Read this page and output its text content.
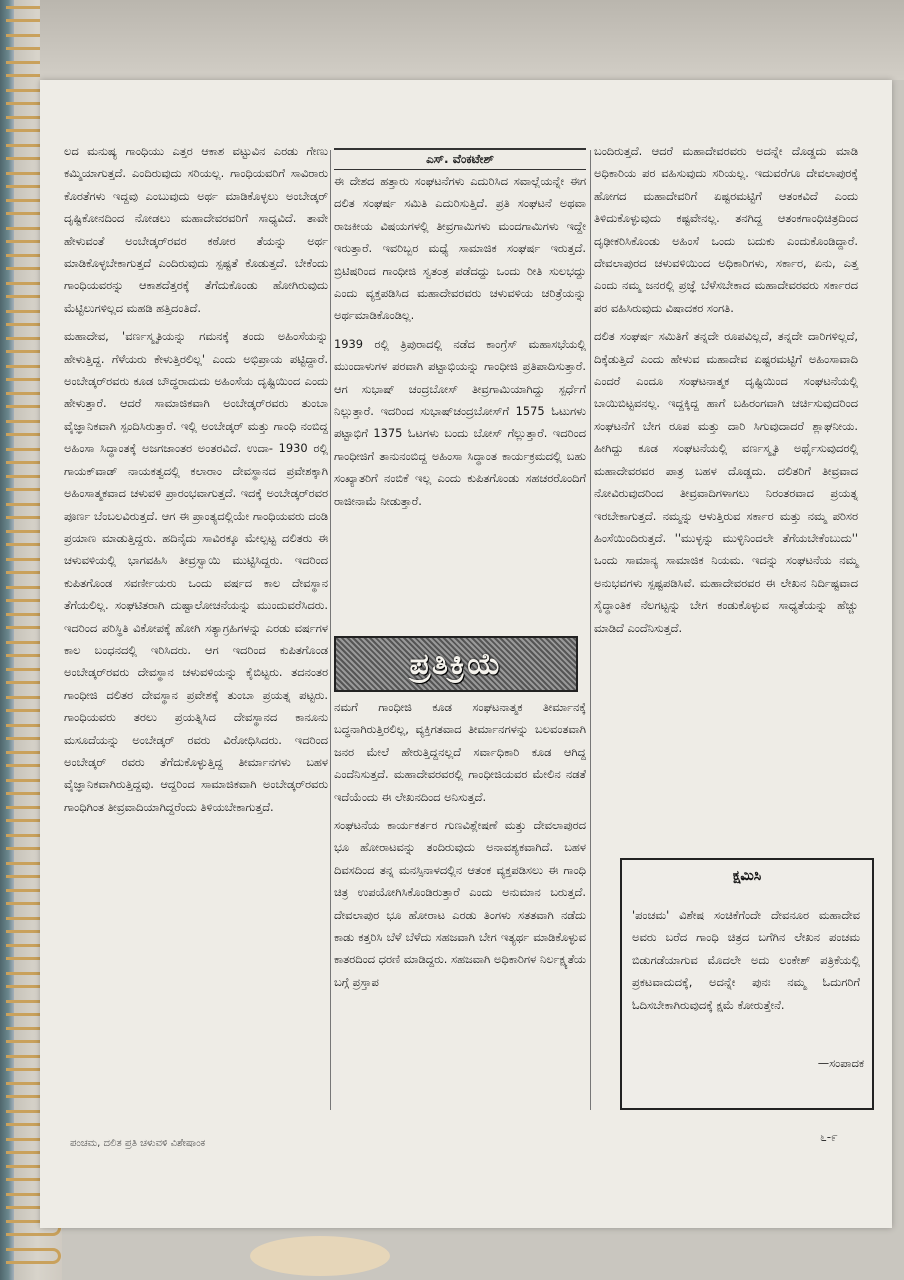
ಲದ ಮನುಷ್ಯ ಗಾಂಧಿಯು ಎತ್ತರ ಆಕಾಶ ವಟ್ಟುವಿನ ಎರಡು ಗೇಣು ಕಮ್ಮಿಯಾಗುತ್ತದೆ. ಎಂದಿರುವುದು ಸರಿಯಲ್ಲ. ಗಾಂಧಿಯವರಿಗೆ ಸಾವಿರಾರು ಕೊರತೆಗಳು ಇದ್ದವು ಎಂಬುವುದು ಅರ್ಥ ಮಾಡಿಕೊಳ್ಳಲು ಅಂಬೇಡ್ಕರ್ ದೃಷ್ಟಿಕೋನದಿಂದ ನೋಡಲು ಮಹಾದೇವರವರಿಗೆ ಸಾಧ್ಯವಿದೆ. ತಾವೇ ಹೇಳುವಂತೆ ಅಂಬೇಡ್ಕರ್‌ರವರ ಕಠೋರ ತೆಯನ್ನು ಅರ್ಥ ಮಾಡಿಕೊಳ್ಳಬೇಕಾಗುತ್ತದೆ ಎಂದಿರುವುದು ಸ್ಪಷ್ಟತೆ ಕೊಡುತ್ತದೆ. ಬೇಕೆಂದು ಗಾಂಧಿಯವರನ್ನು ಆಕಾಶದೆತ್ತರಕ್ಕೆ ತೆಗೆದುಕೊಂಡು ಹೋಗಿರುವುದು ಮೆಟ್ಟಿಲುಗಳಿಲ್ಲದ ಮಹಡಿ ಹತ್ತಿದಂತಿದೆ.

ಮಹಾದೇವ, 'ವರ್ಣಸ್ಮೃತಿಯನ್ನು ಗಮನಕ್ಕೆ ತಂದು ಅಹಿಂಸೆಯನ್ನು ಹೇಳುತ್ತಿದ್ದ. ಗೆಳೆಯರು ಕೇಳುತ್ತಿರಲಿಲ್ಲ' ಎಂದು ಅಭಿಪ್ರಾಯ ಪಟ್ಟಿದ್ದಾರೆ. ಅಂಬೇಡ್ಕರ್‌ರವರು ಕೂಡ ಬೌದ್ಧರಾದುದು ಅಹಿಂಸೆಯ ದೃಷ್ಟಿಯಿಂದ ಎಂದು ಹೇಳುತ್ತಾರೆ. ಆದರೆ ಸಾಮಾಜಿಕವಾಗಿ ಅಂಬೇಡ್ಕರ್‌ರವರು ತುಂಬಾ ವೈಜ್ಞಾನಿಕವಾಗಿ ಸ್ಪಂದಿಸಿರುತ್ತಾರೆ. ಇಲ್ಲಿ ಅಂಬೇಡ್ಕರ್ ಮತ್ತು ಗಾಂಧಿ ನಂಬಿದ್ದ ಅಹಿಂಸಾ ಸಿದ್ಧಾಂತಕ್ಕೆ ಅಜಗಜಾಂತರ ಅಂತರವಿದೆ. ಉದಾ- 1930 ರಲ್ಲಿ ಗಾಯಕ್‌ವಾಡ್ ನಾಯಕತ್ವದಲ್ಲಿ ಕಲಾರಾಂ ದೇವಸ್ಥಾನದ ಪ್ರವೇಶಕ್ಕಾಗಿ ಅಹಿಂಸಾತ್ಮಕವಾದ ಚಳುವಳಿ ಪ್ರಾರಂಭವಾಗುತ್ತದೆ. ಇದಕ್ಕೆ ಅಂಬೇಡ್ಕರ್‌ರವರ ಪೂರ್ಣ ಬೆಂಬಲವಿರುತ್ತದೆ. ಆಗ ಈ ಪ್ರಾಂತ್ಯದಲ್ಲಿಯೇ ಗಾಂಧಿಯವರು ದಂಡಿ ಪ್ರಯಾಣ ಮಾಡುತ್ತಿದ್ದರು. ಹದಿನೈದು ಸಾವಿರಕ್ಕೂ ಮೇಲ್ಪಟ್ಟ ದಲಿತರು ಈ ಚಳುವಳಿಯಲ್ಲಿ ಭಾಗವಹಿಸಿ ತೀವ್ರಸ್ವಾಯಿ ಮುಟ್ಟಿಸಿದ್ದರು. ಇದರಿಂದ ಕುಪಿತಗೊಂಡ ಸವರ್ಣೀಯರು ಒಂದು ವರ್ಷದ ಕಾಲ ದೇವಸ್ಥಾನ ತೆಗೆಯಲಿಲ್ಲ. ಸಂಘಟಿತರಾಗಿ ದುಷ್ಟಾಲೋಚನೆಯನ್ನು ಮುಂದುವರೆಸಿದರು. ಇದರಿಂದ ಪರಿಸ್ಥಿತಿ ವಿಕೋಪಕ್ಕೆ ಹೋಗಿ ಸತ್ಯಾಗ್ರಹಿಗಳನ್ನು ಎರಡು ವರ್ಷಗಳ ಕಾಲ ಬಂಧನದಲ್ಲಿ ಇರಿಸಿದರು. ಆಗ ಇದರಿಂದ ಕುಪಿತಗೊಂಡ ಅಂಬೇಡ್ಕರ್‌ರವರು ದೇವಸ್ಥಾನ ಚಳುವಳಿಯನ್ನು ಕೈಬಿಟ್ಟರು. ತದನಂತರ ಗಾಂಧೀಜಿ ದಲಿತರ ದೇವಸ್ಥಾನ ಪ್ರವೇಶಕ್ಕೆ ತುಂಬಾ ಪ್ರಯತ್ನ ಪಟ್ಟರು. ಗಾಂಧಿಯವರು ತರಲು ಪ್ರಯತ್ನಿಸಿದ ದೇವಸ್ಥಾನದ ಕಾನೂನು ಮಸೂದೆಯನ್ನು ಅಂಬೇಡ್ಕರ್ ರವರು ವಿರೋಧಿಸಿದರು. ಇದರಿಂದ ಅಂಬೇಡ್ಕರ್ ರವರು ತೆಗೆದುಕೊಳ್ಳುತ್ತಿದ್ದ ತೀರ್ಮಾನಗಳು ಬಹಳ ವೈಜ್ಞಾನಿಕವಾಗಿರುತ್ತಿದ್ದವು. ಆದ್ದರಿಂದ ಸಾಮಾಜಿಕವಾಗಿ ಅಂಬೇಡ್ಕರ್‌ರವರು ಗಾಂಧಿಗಿಂತ ತೀವ್ರವಾದಿಯಾಗಿದ್ದರೆಂದು ತಿಳಿಯಬೇಕಾಗುತ್ತದೆ.

ಎಸ್. ವೆಂಕಟೇಶ್

ಈ ದೇಶದ ಹತ್ತಾರು ಸಂಘಟನೆಗಳು ಎದುರಿಸಿದ ಸವಾಲ್ಲೆಯನ್ನೇ ಈಗ ದಲಿತ ಸಂಘರ್ಷ ಸಮಿತಿ ಎದುರಿಸುತ್ತಿದೆ. ಪ್ರತಿ ಸಂಘಟನೆ ಅಥವಾ ರಾಜಕೀಯ ವಿಷಯಗಳಲ್ಲಿ ತೀವ್ರಗಾಮಿಗಳು ಮಂದಗಾಮಿಗಳು ಇದ್ದೇ ಇರುತ್ತಾರೆ. ಇವರಿಬ್ಬರ ಮಧ್ಯೆ ಸಾಮಾಜಿಕ ಸಂಘರ್ಷ ಇರುತ್ತದೆ. ಬ್ರಿಟಿಷರಿಂದ ಗಾಂಧೀಜಿ ಸ್ವತಂತ್ರ ಪಡೆದದ್ದು ಒಂದು ರೀತಿ ಸುಲಭದ್ದು ಎಂದು ವ್ಯಕ್ತಪಡಿಸಿದ ಮಹಾದೇವರವರು ಚಳುವಳಿಯ ಚರಿತ್ರೆಯನ್ನು ಅರ್ಥಮಾಡಿಕೊಂಡಿಲ್ಲ.

1939 ರಲ್ಲಿ ತ್ರಿಪುರಾದಲ್ಲಿ ನಡೆದ ಕಾಂಗ್ರೆಸ್ ಮಹಾಸಭೆಯಲ್ಲಿ ಮುಂದಾಳುಗಳ ಪರವಾಗಿ ಪಟ್ಟಾಭಿಯನ್ನು ಗಾಂಧೀಜಿ ಪ್ರತಿಪಾದಿಸುತ್ತಾರೆ. ಆಗ ಸುಭಾಷ್ ಚಂದ್ರಬೋಸ್ ತೀವ್ರಗಾಮಿಯಾಗಿದ್ದು ಸ್ಪರ್ಧೆಗೆ ನಿಲ್ಲುತ್ತಾರೆ. ಇದರಿಂದ ಸುಭಾಷ್‌ಚಂದ್ರಬೋಸ್‌ಗೆ 1575 ಓಟುಗಳು ಪಟ್ಟಾಭಿಗೆ 1375 ಓಟಗಳು ಬಂದು ಬೋಸ್ ಗೆಲ್ಲುತ್ತಾರೆ. ಇದರಿಂದ ಗಾಂಧೀಜಿಗೆ ತಾನುನಂಬಿದ್ದ ಅಹಿಂಸಾ ಸಿದ್ಧಾಂತ ಕಾರ್ಯಕ್ರಮದಲ್ಲಿ ಬಹು ಸಂಖ್ಯಾತರಿಗೆ ನಂಬಿಕೆ ಇಲ್ಲ ಎಂದು ಕುಪಿತಗೊಂಡು ಸಹಚರರೊಂದಿಗೆ ರಾಜೀನಾಮೆ ನೀಡುತ್ತಾರೆ.

ಪ್ರತಿಕ್ರಿಯೆ

ನಮಗೆ ಗಾಂಧೀಜಿ ಕೂಡ ಸಂಘಟನಾತ್ಮಕ ತೀರ್ಮಾನಕ್ಕೆ ಬದ್ಧನಾಗಿರುತ್ತಿರಲಿಲ್ಲ, ವ್ಯಕ್ತಿಗತವಾದ ತೀರ್ಮಾನಗಳನ್ನು ಬಲವಂತವಾಗಿ ಜನರ ಮೇಲೆ ಹೇರುತ್ತಿದ್ದನಲ್ಲದೆ ಸರ್ವಾಧಿಕಾರಿ ಕೂಡ ಆಗಿದ್ದ ಎಂದೆನಿಸುತ್ತದೆ. ಮಹಾದೇವರವರಲ್ಲಿ ಗಾಂಧೀಜಿಯವರ ಮೇಲಿನ ನಡತೆ ಇದೆಯೆಂದು ಈ ಲೇಖನದಿಂದ ಅನಿಸುತ್ತದೆ.

ಸಂಘಟನೆಯ ಕಾರ್ಯಕರ್ತರ ಗುಣವಿಶ್ಲೇಷಣೆ ಮತ್ತು ದೇವಲಾಪುರದ ಭೂ ಹೋರಾಟವನ್ನು ತಂದಿರುವುದು ಅನಾವಶ್ಯಕವಾಗಿದೆ. ಬಹಳ ದಿವಸದಿಂದ ತನ್ನ ಮನಸ್ಸಿನಾಳದಲ್ಲಿನ ಆತಂಕ ವ್ಯಕ್ತಪಡಿಸಲು ಈ ಗಾಂಧಿ ಚಿತ್ರ ಉಪಯೋಗಿಸಿಕೊಂಡಿರುತ್ತಾರೆ ಎಂದು ಅನುಮಾನ ಬರುತ್ತದೆ. ದೇವಲಾಪುರ ಭೂ ಹೋರಾಟ ಎರಡು ತಿಂಗಳು ಸತತವಾಗಿ ನಡೆದು ಕಾಡು ಕತ್ತರಿಸಿ ಬೆಳೆ ಬೆಳೆದು ಸಹಜವಾಗಿ ಬೇಗ ಇತ್ಯರ್ಥ ಮಾಡಿಕೊಳ್ಳುವ ಕಾತರದಿಂದ ಧರಣಿ ಮಾಡಿದ್ದರು. ಸಹಜವಾಗಿ ಅಧಿಕಾರಿಗಳ ನಿರ್ಲಕ್ಷ್ಯತೆಯ ಬಗ್ಗೆ ಪ್ರಸ್ತಾಪ

ಬಂದಿರುತ್ತದೆ. ಆದರೆ ಮಹಾದೇವರವರು ಅದನ್ನೇ ದೊಡ್ಡದು ಮಾಡಿ ಅಧಿಕಾರಿಯ ಪರ ವಹಿಸುವುದು ಸರಿಯಲ್ಲ. ಇದುವರೆಗೂ ದೇವಲಾಪುರಕ್ಕೆ ಹೋಗದ ಮಹಾದೇವರಿಗೆ ಏಷ್ಟರಮಟ್ಟಿಗೆ ಆತಂಕವಿದೆ ಎಂದು ತಿಳಿದುಕೊಳ್ಳುವುದು ಕಷ್ಟವೇನಲ್ಲ. ತನಗಿದ್ದ ಆತಂಕಗಾಂಧಿಚಿತ್ರದಿಂದ ದೃಢೀಕರಿಸಿಕೊಂಡು ಅಹಿಂಸೆ ಒಂದು ಬದುಕು ಎಂದುಕೊಂಡಿದ್ದಾರೆ. ದೇವಲಾಪುರದ ಚಳುವಳಿಯಿಂದ ಅಧಿಕಾರಿಗಳು, ಸರ್ಕಾರ, ಏನು, ಎತ್ತ ಎಂದು ನಮ್ಮ ಜನರಲ್ಲಿ ಪ್ರಜ್ಞೆ ಬೆಳೆಸಬೇಕಾದ ಮಹಾದೇವರವರು ಸರ್ಕಾರದ ಪರ ವಹಿಸಿರುವುದು ವಿಷಾದಕರ ಸಂಗತಿ.

ದಲಿತ ಸಂಘರ್ಷ ಸಮಿತಿಗೆ ತನ್ನದೇ ರೂಪವಿಲ್ಲದೆ, ತನ್ನದೇ ದಾರಿಗಳಿಲ್ಲದೆ, ದಿಕ್ಕೆಡುತ್ತಿದೆ ಎಂದು ಹೇಳುವ ಮಹಾದೇವ ಏಷ್ಟರಮಟ್ಟಿಗೆ ಅಹಿಂಸಾವಾದಿ ಎಂದರೆ ಎಂದೂ ಸಂಘಟನಾತ್ಮಕ ದೃಷ್ಟಿಯಿಂದ ಸಂಘಟನೆಯಲ್ಲಿ ಬಾಯಿಬಿಟ್ಟವನಲ್ಲ. ಇದ್ದಕ್ಕಿದ್ದ ಹಾಗೆ ಬಹಿರಂಗವಾಗಿ ಚರ್ಚಿಸುವುದರಿಂದ ಸಂಘಟನೆಗೆ ಬೇಗ ರೂಪ ಮತ್ತು ದಾರಿ ಸಿಗುವುದಾದರೆ ಶ್ಲಾಘನೀಯ. ಹೀಗಿದ್ದು ಕೂಡ ಸಂಘಟನೆಯಲ್ಲಿ ವರ್ಣಸ್ಮೃತಿ ಅರ್ಥೈಸುವುದರಲ್ಲಿ ಮಹಾದೇವರವರ ಪಾತ್ರ ಬಹಳ ದೊಡ್ಡದು. ದಲಿತರಿಗೆ ತೀವ್ರವಾದ ನೋವಿರುವುದರಿಂದ ತೀವ್ರವಾದಿಗಳಾಗಲು ನಿರಂತರವಾದ ಪ್ರಯತ್ನ ಇರಬೇಕಾಗುತ್ತದೆ. ನಮ್ಮನ್ನು ಆಳುತ್ತಿರುವ ಸರ್ಕಾರ ಮತ್ತು ನಮ್ಮ ಪರಿಸರ ಹಿಂಸೆಯಿಂದಿರುತ್ತದೆ. ''ಮುಳ್ಳನ್ನು ಮುಳ್ಳಿನಿಂದಲೇ ತೆಗೆಯಬೇಕೆಂಬುದು'' ಒಂದು ಸಾಮಾನ್ಯ ಸಾಮಾಜಿಕ ನಿಯಮ. ಇದನ್ನು ಸಂಘಟನೆಯ ನಮ್ಮ ಅನುಭವಗಳು ಸ್ಪಷ್ಟಪಡಿಸಿವೆ. ಮಹಾದೇವರವರ ಈ ಲೇಖನ ನಿರ್ದಿಷ್ಟವಾದ ಸೈದ್ಧಾಂತಿಕ ನೆಲಗಟ್ಟನ್ನು ಬೇಗ ಕಂಡುಕೊಳ್ಳುವ ಸಾಧ್ಯತೆಯನ್ನು ಹೆಚ್ಚು ಮಾಡಿದೆ ಎಂದೆನಿಸುತ್ತದೆ.

ಕ್ಷಮಿಸಿ
'ಪಂಚಮ' ವಿಶೇಷ ಸಂಚಿಕೆಗೆಂದೇ ದೇವನೂರ ಮಹಾದೇವ ಅವರು ಬರೆದ ಗಾಂಧಿ ಚಿತ್ರದ ಬಗೆಗಿನ ಲೇಖನ ಪಂಚಮ ಬಿಡುಗಡೆಯಾಗುವ ಮೊದಲೇ ಅದು ಲಂಕೇಶ್ ಪತ್ರಿಕೆಯಲ್ಲಿ ಪ್ರಕಟವಾದುದಕ್ಕೆ, ಅದನ್ನೇ ಪುನಃ ನಮ್ಮ ಓದುಗರಿಗೆ ಓದಿಸಬೇಕಾಗಿರುವುದಕ್ಕೆ ಕ್ಷಮೆ ಕೋರುತ್ತೇನೆ.
—ಸಂಪಾದಕ
ಪಂಚಮ, ದಲಿತ ಪ್ರತಿ ಚಳುವಳಿ ವಿಶೇಷಾಂಕ	೬-೯
